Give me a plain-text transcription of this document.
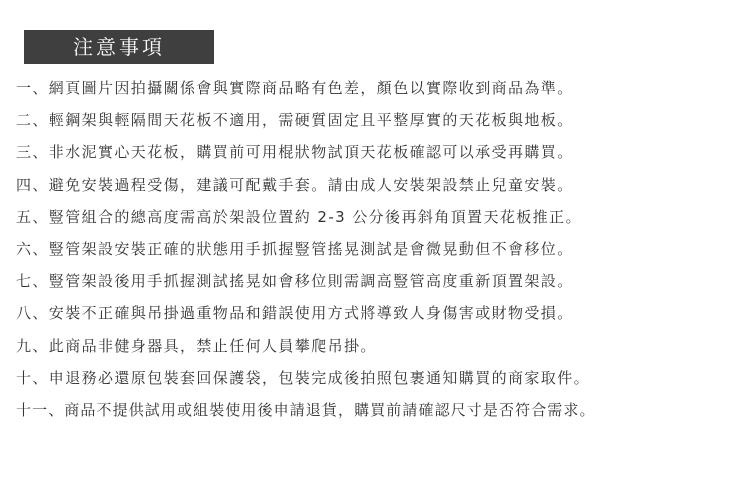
注意事項
一、網頁圖片因拍攝關係會與實際商品略有色差，顏色以實際收到商品為準。
二、輕鋼架與輕隔間天花板不適用，需硬質固定且平整厚實的天花板與地板。
三、非水泥實心天花板，購買前可用棍狀物試頂天花板確認可以承受再購買。
四、避免安裝過程受傷，建議可配戴手套。請由成人安裝架設禁止兒童安裝。
五、豎管組合的總高度需高於架設位置約 2-3 公分後再斜角頂置天花板推正。
六、豎管架設安裝正確的狀態用手抓握豎管搖晃測試是會微晃動但不會移位。
七、豎管架設後用手抓握測試搖晃如會移位則需調高豎管高度重新頂置架設。
八、安裝不正確與吊掛過重物品和錯誤使用方式將導致人身傷害或財物受損。
九、此商品非健身器具，禁止任何人員攀爬吊掛。
十、申退務必還原包裝套回保護袋，包裝完成後拍照包裹通知購買的商家取件。
十一、商品不提供試用或組裝使用後申請退貨，購買前請確認尺寸是否符合需求。
